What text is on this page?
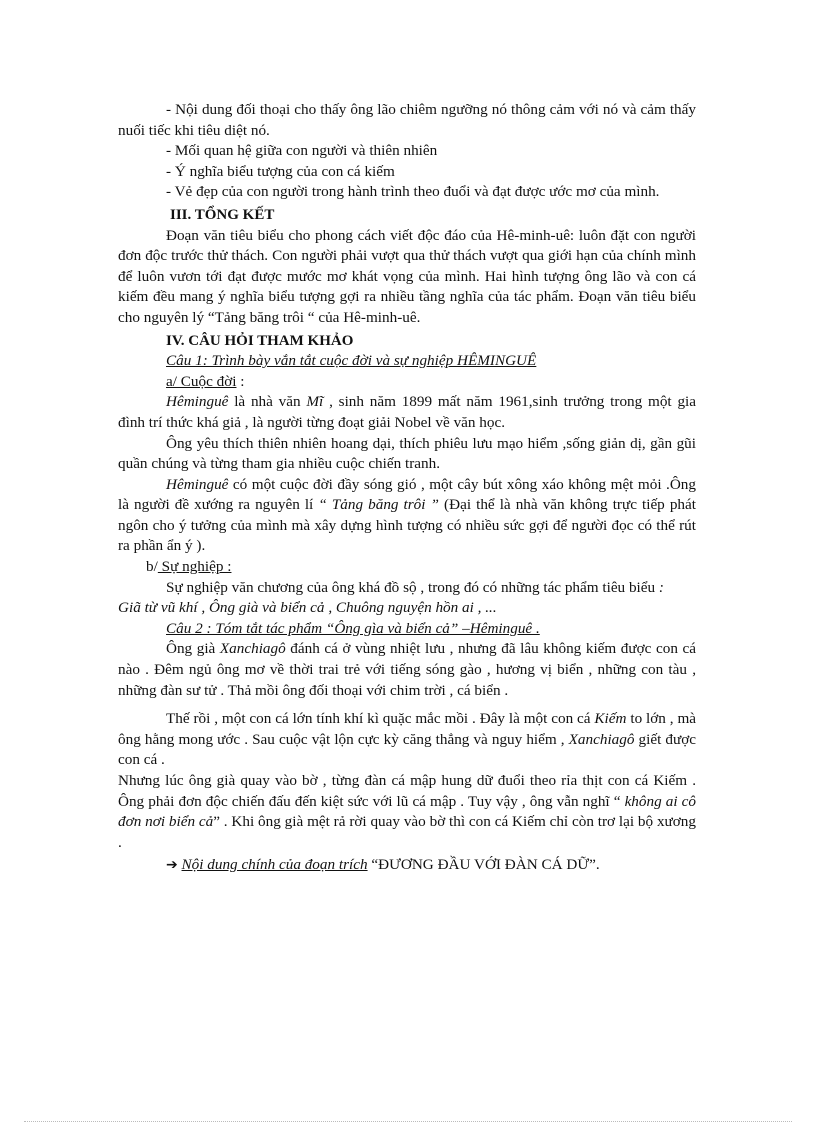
- Nội dung đối thoại cho thấy ông lão chiêm ngưỡng nó thông cảm với nó và cảm thấy nuối tiếc khi tiêu diệt nó.

- Mối quan hệ giữa con người và thiên nhiên

- Ý nghĩa biểu tượng của con cá kiếm

- Vẻ đẹp của con người trong hành trình theo đuổi và đạt được ước mơ của mình.

III. TỔNG KẾT

Đoạn văn tiêu biểu cho phong cách viết độc đáo của Hê-minh-uê: luôn đặt con người đơn độc trước thử thách. Con người phải vượt qua thử thách vượt qua giới hạn của chính mình để luôn vươn tới đạt được mước mơ khát vọng của mình. Hai hình tượng ông lão và con cá kiếm đều mang ý nghĩa biểu tượng gợi ra nhiều tầng nghĩa của tác phẩm. Đoạn văn tiêu biểu cho nguyên lý “Tảng băng trôi “ của Hê-minh-uê.

IV. CÂU HỎI THAM KHẢO

Câu 1: Trình bày vắn tắt cuộc đời và sự nghiệp HÊMINGUÊ

a/ Cuộc đời :

Hêminguê là nhà văn Mĩ , sinh năm 1899 mất năm 1961,sinh trưởng trong một gia đình trí thức khá giả , là người từng đoạt giải Nobel về văn học.

Ông yêu thích thiên nhiên hoang dại, thích phiêu lưu mạo hiểm ,sống giản dị, gần gũi quần chúng và từng tham gia nhiều cuộc chiến tranh.

Hêminguê có một cuộc đời đầy sóng gió , một cây bút xông xáo không mệt mỏi .Ông là người đề xướng ra nguyên lí “ Tảng băng trôi ” (Đại thể là nhà văn không trực tiếp phát ngôn cho ý tưởng của mình mà xây dựng hình tượng có nhiều sức gợi để người đọc có thể rút ra phần ẩn ý ).

b/ Sự nghiệp :

Sự nghiệp văn chương của ông khá đồ sộ , trong đó có những tác phẩm tiêu biểu :

Giã từ vũ khí , Ông già và biển cả , Chuông nguyện hồn ai , ...

Câu 2 : Tóm tắt tác phẩm “Ông gìa và biển cả” –Hêminguê .

Ông già Xanchiagô đánh cá ở vùng nhiệt lưu , nhưng đã lâu không kiếm được con cá nào . Đêm ngủ ông mơ về thời trai trẻ với tiếng sóng gào , hương vị biển , những con tàu , những đàn sư tử . Thả mồi ông đối thoại với chim trời , cá biển .

Thế rồi , một con cá lớn tính khí kì quặc mắc mồi . Đây là một con cá Kiếm to lớn , mà ông hằng mong ước . Sau cuộc vật lộn cực kỳ căng thẳng và nguy hiểm , Xanchiagô giết được con cá .

Nhưng lúc ông già quay vào bờ , từng đàn cá mập hung dữ đuổi theo rỉa thịt con cá Kiếm . Ông phải đơn độc chiến đấu đến kiệt sức với lũ cá mập . Tuy vậy , ông vẫn nghĩ “ không ai cô đơn nơi biển cả” . Khi ông già mệt rả rời quay vào bờ thì con cá Kiếm chỉ còn trơ lại bộ xương .

➔ Nội dung chính của đoạn trích “ĐƯƠNG ĐẦU VỚI ĐÀN CÁ DỮ”.
